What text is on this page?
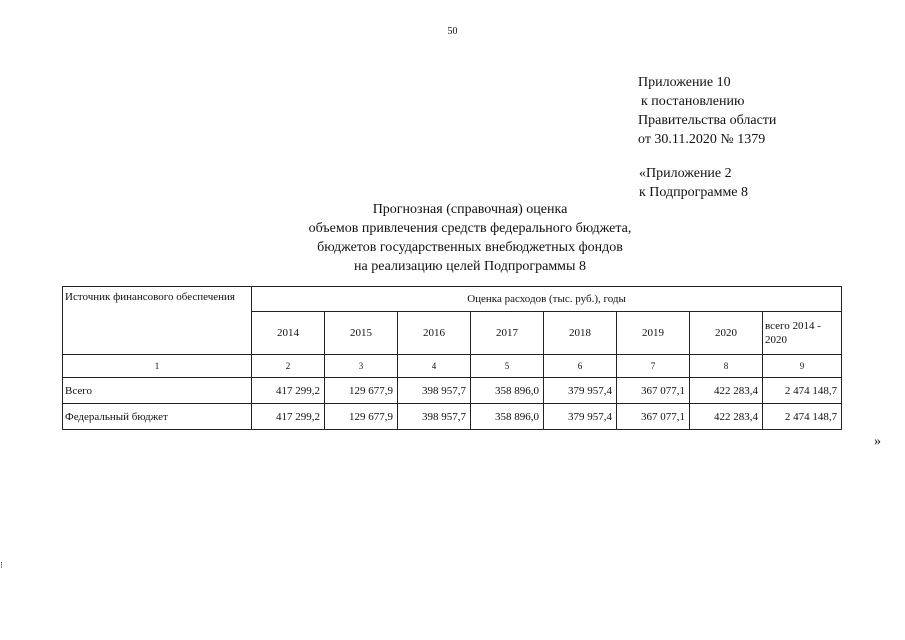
50
Приложение 10
к постановлению
Правительства области
от 30.11.2020 № 1379
«Приложение 2
к Подпрограмме 8
Прогнозная (справочная) оценка
объемов привлечения средств федерального бюджета,
бюджетов государственных внебюджетных фондов
на реализацию целей Подпрограммы 8
Источник финансового обеспечения	Оценка расходов (тыс. руб.), годы							
	2014	2015	2016	2017	2018	2019	2020	всего 2014 - 2020
1	2	3	4	5	6	7	8	9
Всего	417 299,2	129 677,9	398 957,7	358 896,0	379 957,4	367 077,1	422 283,4	2 474 148,7
Федеральный бюджет	417 299,2	129 677,9	398 957,7	358 896,0	379 957,4	367 077,1	422 283,4	2 474 148,7
»
⁝
